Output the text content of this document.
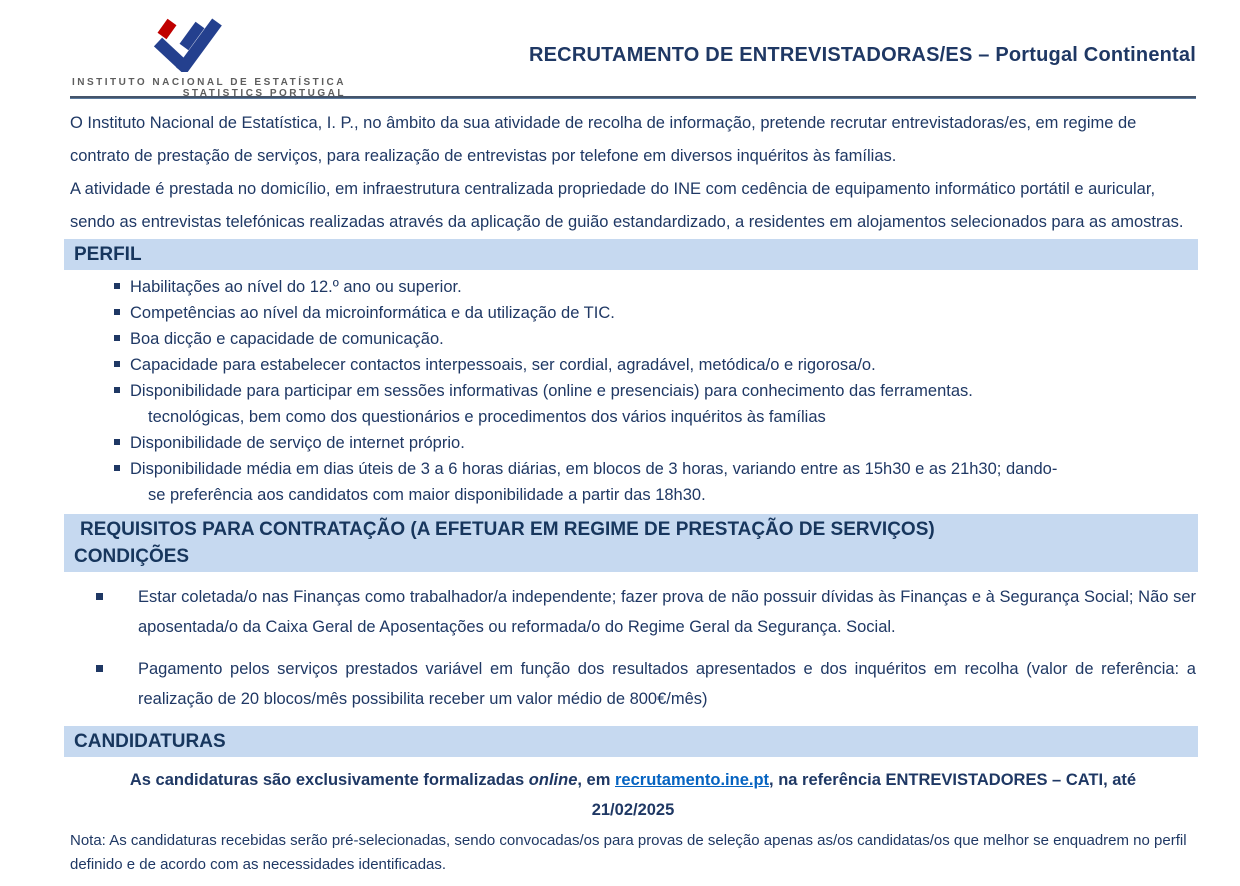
INSTITUTO NACIONAL DE ESTATÍSTICA
STATISTICS PORTUGAL
RECRUTAMENTO DE ENTREVISTADORAS/ES – Portugal Continental

O Instituto Nacional de Estatística, I. P., no âmbito da sua atividade de recolha de informação, pretende recrutar entrevistadoras/es, em regime de contrato de prestação de serviços, para realização de entrevistas por telefone em diversos inquéritos às famílias.

A atividade é prestada no domicílio, em infraestrutura centralizada propriedade do INE com cedência de equipamento informático portátil e auricular, sendo as entrevistas telefónicas realizadas através da aplicação de guião estandardizado, a residentes em alojamentos selecionados para as amostras.

PERFIL
Habilitações ao nível do 12.º ano ou superior.
Competências ao nível da microinformática e da utilização de TIC.
Boa dicção e capacidade de comunicação.
Capacidade para estabelecer contactos interpessoais, ser cordial, agradável, metódica/o e rigorosa/o.
Disponibilidade para participar em sessões informativas (online e presenciais) para conhecimento das ferramentas.
tecnológicas, bem como dos questionários e procedimentos dos vários inquéritos às famílias
Disponibilidade de serviço de internet próprio.
Disponibilidade média em dias úteis de 3 a 6 horas diárias, em blocos de 3 horas, variando entre as 15h30 e as 21h30; dando-
se preferência aos candidatos com maior disponibilidade a partir das 18h30.
REQUISITOS PARA CONTRATAÇÃO (A EFETUAR EM REGIME DE PRESTAÇÃO DE SERVIÇOS)
CONDIÇÕES
Estar coletada/o nas Finanças como trabalhador/a independente; fazer prova de não possuir dívidas às Finanças e à Segurança Social; Não ser aposentada/o da Caixa Geral de Aposentações ou reformada/o do Regime Geral da Segurança. Social.
Pagamento pelos serviços prestados variável em função dos resultados apresentados e dos inquéritos em recolha (valor de referência: a realização de 20 blocos/mês possibilita receber um valor médio de 800€/mês)
CANDIDATURAS
As candidaturas são exclusivamente formalizadas online, em recrutamento.ine.pt, na referência ENTREVISTADORES – CATI, até
21/02/2025
Nota: As candidaturas recebidas serão pré-selecionadas, sendo convocadas/os para provas de seleção apenas as/os candidatas/os que melhor se enquadrem no perfil definido e de acordo com as necessidades identificadas.
